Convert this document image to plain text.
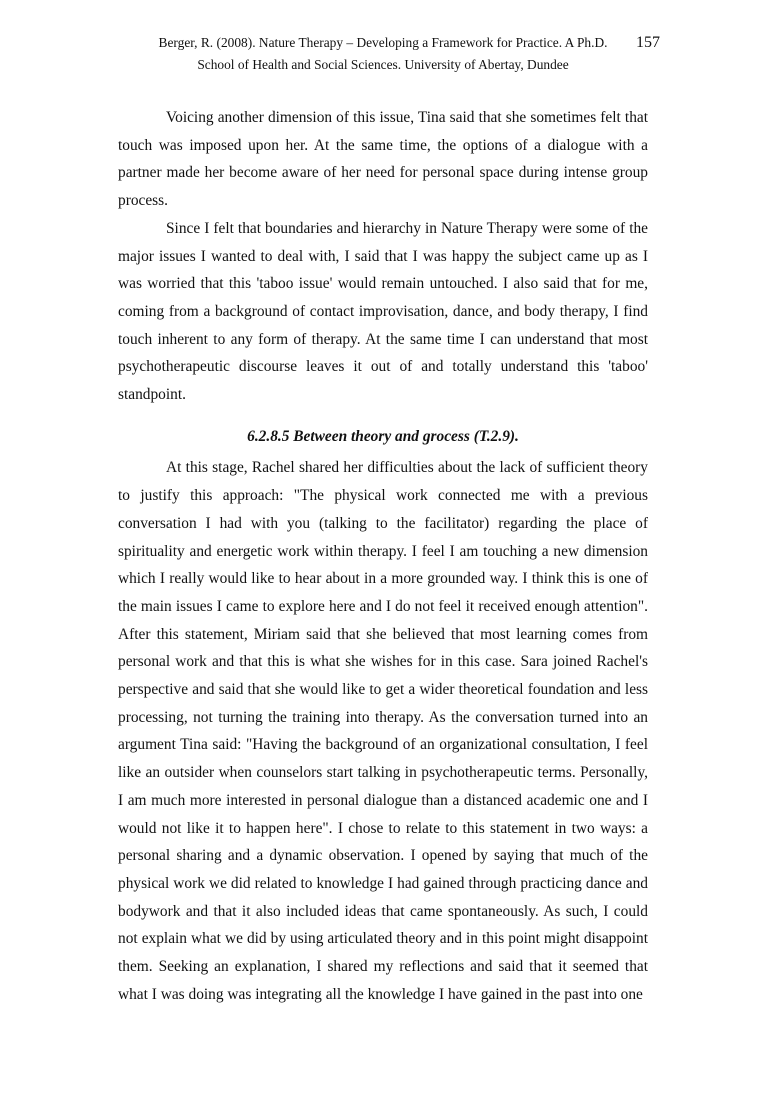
Berger, R. (2008). Nature Therapy – Developing a Framework for Practice. A Ph.D.
School of Health and Social Sciences. University of Abertay, Dundee
157

Voicing another dimension of this issue, Tina said that she sometimes felt that touch was imposed upon her. At the same time, the options of a dialogue with a partner made her become aware of her need for personal space during intense group process.

Since I felt that boundaries and hierarchy in Nature Therapy were some of the major issues I wanted to deal with, I said that I was happy the subject came up as I was worried that this 'taboo issue' would remain untouched. I also said that for me, coming from a background of contact improvisation, dance, and body therapy, I find touch inherent to any form of therapy. At the same time I can understand that most psychotherapeutic discourse leaves it out of and totally understand this 'taboo' standpoint.

6.2.8.5 Between theory and grocess (T.2.9).

At this stage, Rachel shared her difficulties about the lack of sufficient theory to justify this approach: "The physical work connected me with a previous conversation I had with you (talking to the facilitator) regarding the place of spirituality and energetic work within therapy. I feel I am touching a new dimension which I really would like to hear about in a more grounded way. I think this is one of the main issues I came to explore here and I do not feel it received enough attention". After this statement, Miriam said that she believed that most learning comes from personal work and that this is what she wishes for in this case. Sara joined Rachel's perspective and said that she would like to get a wider theoretical foundation and less processing, not turning the training into therapy. As the conversation turned into an argument Tina said: "Having the background of an organizational consultation, I feel like an outsider when counselors start talking in psychotherapeutic terms. Personally, I am much more interested in personal dialogue than a distanced academic one and I would not like it to happen here". I chose to relate to this statement in two ways: a personal sharing and a dynamic observation. I opened by saying that much of the physical work we did related to knowledge I had gained through practicing dance and bodywork and that it also included ideas that came spontaneously. As such, I could not explain what we did by using articulated theory and in this point might disappoint them. Seeking an explanation, I shared my reflections and said that it seemed that what I was doing was integrating all the knowledge I have gained in the past into one
